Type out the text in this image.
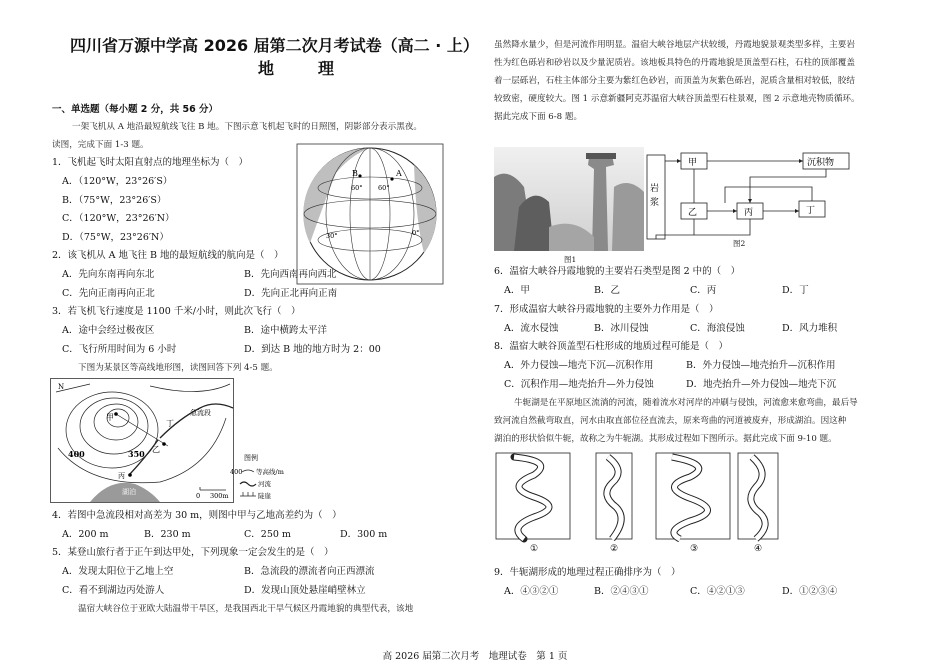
四川省万源中学高 2026 届第二次月考试卷（高二 · 上）
地　理
一、单选题（每小题 2 分，共 56 分）
一架飞机从 A 地沿最短航线飞往 B 地。下图示意飞机起飞时的日照图，阴影部分表示黑夜。
读图，完成下面 1-3 题。
1．飞机起飞时太阳直射点的地理坐标为（　）
A．（120°W，23°26′S）
B．（75°W，23°26′S）
C．（120°W，23°26′N）
D．（75°W，23°26′N）
B	A
60° 60°
30°	0°
2．该飞机从 A 地飞往 B 地的最短航线的航向是（　）
A．先向东南再向东北	B．先向西南再向西北
C．先向正南再向正北	D．先向正北再向正南
3．若飞机飞行速度是 1100 千米/小时，则此次飞行（　）
A．途中会经过极夜区	B．途中横跨太平洋
C．飞行所用时间为 6 小时	D．到达 B 地的地方时为 2：00
下图为某景区等高线地形图，读图回答下列 4-5 题。
N
甲
乙
丙
丁
急流段
湖泊
400	350
0 300m
图例
400 等高线/m
河流
陡崖
4．若图中急流段相对高差为 30 m，则图中甲与乙地高差约为（　）
A．200 m	B．230 m	C．250 m	D．300 m
5．某登山旅行者于正午到达甲处，下列现象一定会发生的是（　）
A．发现太阳位于乙地上空	B．急流段的漂流者向正西漂流
C．看不到湖边丙处游人	D．发现山顶处悬崖峭壁林立
温宿大峡谷位于亚欧大陆温带干旱区，是我国西北干旱气候区丹霞地貌的典型代表，该地
虽然降水量少，但是河流作用明显。温宿大峡谷地层产状较缓，丹霞地貌景观类型多样，主要岩
性为红色砾岩和砂岩以及少量泥质岩。该地板具特色的丹霞地貌是顶盖型石柱，石柱的顶部覆盖
着一层砾岩，石柱主体部分主要为紫红色砂岩，而顶盖为灰紫色砾岩，泥质含量相对较低，胶结
较致密，硬度较大。图 1 示意新疆阿克苏温宿大峡谷顶盖型石柱景观，图 2 示意地壳物质循环。
据此完成下面 6-8 题。
图1
岩
浆
甲	沉积物
乙	丙	丁
图2
6．温宿大峡谷丹霞地貌的主要岩石类型是图 2 中的（　）
A．甲	B．乙	C．丙	D．丁
7．形成温宿大峡谷丹霞地貌的主要外力作用是（　）
A．流水侵蚀	B．冰川侵蚀	C．海浪侵蚀	D．风力堆积
8．温宿大峡谷顶盖型石柱形成的地质过程可能是（　）
A．外力侵蚀—地壳下沉—沉积作用	B．外力侵蚀—地壳抬升—沉积作用
C．沉积作用—地壳抬升—外力侵蚀	D．地壳抬升—外力侵蚀—地壳下沉
牛轭湖是在平原地区流淌的河流，随着流水对河岸的冲刷与侵蚀，河流愈来愈弯曲，最后导
致河流自然截弯取直，河水由取直部位径直流去，原来弯曲的河道被废弃，形成湖泊。因这种
湖泊的形状恰似牛轭，故称之为牛轭湖。其形成过程如下图所示。据此完成下面 9-10 题。
①	②	③	④
9．牛轭湖形成的地理过程正确排序为（　）
A．④③②①	B．②④③①	C．④②①③	D．①②③④
高 2026 届第二次月考　地理试卷　第 1 页
